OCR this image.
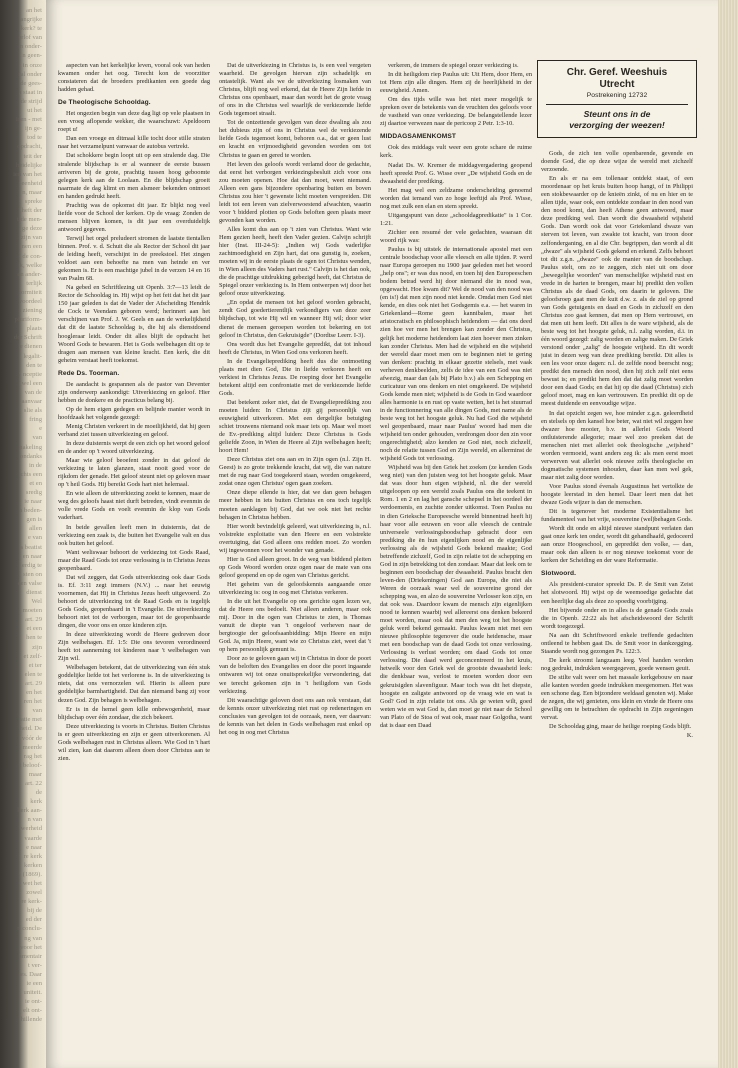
an het
langrijke
kerk? te
erlof van
n onder-
n geen-
in onze
ral onder
de gees-
a staat in
de strijd
ut het
isen - met
ijn ge-
tod te
opdracht,
teit der
heidelijke
ien van het
eenheid
n, maar
spreke
heft der
t de men-
ge deze
zijn van
nen een
de con-
k, welke
en ander-
terlijk
formiteit
voordeel
s ziening
pluriform-
plaats
der Schrift
e dienen
legalit-
den te
nceptie
wel een
van de
aanvaar
slie als
fring
e
van
nakeling
ondanks
in de
chts een
et en
sredig
ie naar
n beden-
gen is
allen
e van
s beatist
en naar
erdig te
sten on
een valse
dienst
Wel
moeten
art. 29
et een
hen te
zijn
et zelf-
et ter
elen te
art. 29
en het
ren het
van
iatie met
heid. De
vóór de
meerde
rag het
t beloof-
maar
art. 22
de
kerk
kerk aan-
n van
werheid
vaarde
e naar
re kerk
kerken
(1869).
wet het
zowel
re kerk-
bij de
ed der
n conclu-
ng van
voor het
amentair
t ver-
ws. Daar
ie een
uniteit.
ie ont-
elt ont-
hillende
Chr. Geref. Weeshuis
Utrecht
Postrekening 12732
Steunt ons in de
verzorging der weezen!

aspecten van het kerkelijke leven, vooral ook van heden kwamen onder het oog. Terecht kon de voorzitter constateren dat de broeders predikanten een goede dag hadden gehad.

De Theologische Schooldag.

Het ongezien begin van deze dag ligt op vele plaatsen in een vroeg aflopende wekker, die waarschuwt: Apeldoorn roept u!

Dan een vroege en ditmaal kille tocht door stille straten naar het verzamelpunt vanwaar de autobus vertrekt.

Dat schokkere begin loopt uit op een stralende dag. Die stralende blijdschap is er al wanneer de eerste bussen arriveren bij de grote, prachtig tussen hoog geboomte gelegen kerk aan de Loolaan. En die blijdschap groeit naarmate de dag klimt en men alsmeer bekenden ontmoet en handen gedrukt heeft.

Prachtig was de opkomst dit jaar. Er blijkt nog veel liefde voor de School der kerken. Op de vraag: Zonden de mensen blijven komen, is dit jaar een overduidelijk antwoord gegeven.

Terwijl het orgel preludeert stromen de laatste tientallen binnen. Prof. v. d. Schuit die als Rector der School dit jaar de leiding heeft, verschijnt in de preekstoel. Het zingen voldoet aan een behoefte na men van heinde en ver gekomen is. Er is een machtige jubel in de verzen 14 en 16 van Psalm 68.

Na gebed en Schriftlezing uit Openb. 3:7—13 leidt de Rector de Schooldag in. Hij wijst op het feit dat het dit jaar 150 jaar geleden is dat de Vader der Afscheiding Hendrik de Cock te Veendam geboren werd; herinnert aan het verschijnen van Prof. J. W. Geels en aan de werkelijkheid dat dit de laatste Schooldag is, die hij als dienstdoend hoogleraar leidt. Onder dit alles blijft de opdracht het Woord Gods te bewaren. Het is Gods welbehagen dit op te dragen aan mensen van kleine kracht. Een kerk, die dit geheim verstaat heeft toekomst.

Rede Ds. Toorman.

De aandacht is gespannen als de pastor van Deventer zijn onderwerp aankondigt: Uitverkiezing en geloof. Hier hebben de donkere en de practicus belang bij.

Op de hem eigen gedegen en belijnde manier wordt in hoofdzaak het volgende gezegd:

Menig Christen verkeert in de moeilijkheid, dat hij geen verband ziet tussen uitverkiezing en geloof.

In deze duisternis werpt de een zich op het woord geloof en de ander op 't woord uitverkiezing.

Maar wie geloof beoefent zonder in dat geloof de verkiezing te laten glanzen, staat nooit goed voor de rijkdom der genade. Het geloof steunt niet op geloven maar op 't heil Gods. Hij bereikt Gods hart niet helemaal.

En wie alleen de uitverkiezing zoekt te kennen, maar de weg des geloofs haast niet durft betreden, vindt evenmin de volle vrede Gods en voelt evenmin de klop van Gods vaderhart.

In beide gevallen leeft men in duisternis, dat de verkiezing een zaak is, die buiten het Evangelie valt en dus ook buiten het geloof.

Want weliswaar behoort de verkiezing tot Gods Raad, maar die Raad Gods tot onze verlossing is in Christus Jezus geopenbaard.

Dat wil zeggen, dat Gods uitverkiezing ook daar Gods is. Ef. 3:11 zegt immers (N.V.) ... naar het eeuwig voornemen, dat Hij in Christus Jezus heeft uitgevoerd. Zo behoort de uitverkiezing tot de Raad Gods en is tegelijk Gods Gods, geopenbaard in 't Evangelie. De uitverkiezing behoort niet tot de verborgen, maar tot de geopenbaarde dingen, die voor ons en onze kinderen zijn.

In deze uitverkiezing wordt de Heere gedreven door Zijn welbehagen. Ef. 1:5: Die ons tevoren verordineerd heeft tot aanneming tot kinderen naar 't welbehagen van Zijn wil.

Welbehagen betekent, dat de uitverkiezing van één stuk goddelijke liefde tot het verlorene is. In de uitverkiezing is niets, dat ons vernorzelen wil. Hierin is alleen pure goddelijke barmhartigheid. Dat dan niemand bang zij voor dezen God. Zijn behagen is welbehagen.

Er is in de hemel geen kille onbewogenheid, maar blijdschap over één zondaar, die zich bekeert.

Deze uitverkiezing is voorts in Christus. Buiten Christus is er geen uitverkiezing en zijn er geen uitverkorenen. Al Gods welbehagen rust in Christus alleen. Wie God in 't hart wil zien, kan dat daarom alleen doen door Christus aan te zien.

Dat de uitverkiezing in Christus is, is een veel vergeten waarheid. De gevolgen hiervan zijn schadelijk en ontastelijk. Want als we de uitverkiezing losmaken van Christus, blijft nog wel erkend, dat de Heere Zijn liefde in Christus ons openbaart, maar dan wordt het de grote vraag of ons in die Christus wel waarlijk de verkiezende liefde Gods tegemoet straalt.

Tot de ontzettende gevolgen van deze dwaling als zou het dubieus zijn of ons in Christus wel de verkiezende liefde Gods tegemoet komt, behoren o.a., dat er geen lust en kracht en vrijmoedigheid gevonden worden om tot Christus te gaan en gered te worden.

Het leven des geloofs wordt verlamd door de gedachte, dat eerst het verborgen verkiezingsbesluit zich voor ons zou moeten openen. Hoe dat dan moet, weet niemand. Alleen een gans bijzondere openbaring buiten en boven Christus zou hier 't gewenste licht moeten verspreiden. Dit leidt tot een leven van zielverwoestend afwachten, waarin voor 't bidderd plotten op Gods beloften geen plaats meer gevonden kan worden.

Alles komt dus aan op 't zien van Christus. Want wie Hem gezien heeft, heeft den Vader gezien. Calvijn schrijft hier (Inst. III-24-5): „Indien wij Gods vaderlijke zachtmoedigheid en Zijn hart, dat ons gunstig is, zoeken, moeten wij in de eerste plaats de ogen tot Christus wenden, in Wien alleen des Vaders hart rust." Calvijn is het dan ook, die de prachtige uitdrukking gebezigd heeft, dat Christus de Spiegel onzer verkiezing is. In Hem ontwerpen wij door het geloof onze uitverkiezing.

„En opdat de mensen tot het geloof worden gebracht, zendt God goedertierentlijk verkondigers van deze zeer blijdschap, tot wie Hij wil en wanneer Hij wil; door wier dienst de mensen geroepen worden tot bekering en tot geloof in Christus, den Gekruisigde" (Dordtse Leerr. I-3).

Ons wordt dus het Evangelie gepredikt, dat tot inhoud heeft de Christus, in Wien God ons verkoren heeft.

In de Evangelieprediking heeft dus die ontmoeting plaats met dien God, Die in liefde verkoren heeft en verkiest in Christus Jezus. De roeping door het Evangelie betekent altijd een confrontatie met de verkiezende liefde Gods.

Dat betekent zeker niet, dat de Evangelieprediking zou moeten luiden: In Christus zijt gij persoonlijk van eeuwigheid uitverkoren. Met een dergelijke betuiging schiet trouwens niemand ook maar iets op. Maar wel moet de Ev.-prediking altijd luiden: Deze Christus is Gods geliefde Zoon, in Wien de Heere al Zijn welbehagen heeft; hoort Hem!

Deze Christus ziet ons aan en in Zijn ogen (n.l. Zijn H. Geest) is zo grote trekkende kracht, dat wij, die van nature met de rug naar God toegekeerd staan, worden omgekeerd, zodat onze ogen Christus' ogen gaan zoeken.

Onze diepe ellende is hier, dat we dan geen behagen meer hebben in iets buiten Christus en ons toch tegelijk moeten aanklagen bij God, dat we ook niet het rechte behagen in Christus hebben.

Hier wordt bevindelijk geleerd, wat uitverkiezing is, n.l. volstrekte exploitatie van den Heere en een volstrekte overtuiging, dat God alleen ons redden moet. Zo worden wij ingewonnen voor het wonder van genade.

Hier is God alleen groot. In de weg van biddend pleiten op Gods Woord worden onze ogen naar de mate van ons geloof geopend en op de ogen van Christus gericht.

Het geheim van de geloofskennis aangaande onze uitverkiezing is: oog in oog met Christus verkeren.

In die uit het Evangelie op ons gerichte ogen lezen we, dat de Heere ons bedoelt. Niet alleen anderen, maar ook mij. Door in die ogen van Christus te zien, is Thomas vanuit de diepte van 't ongeloof verheven naar de bergtoogte der geloofsaanbidding: Mijn Heere en mijn God. Ja, mijn Heere, want wie zo Christus ziet, weet dat 't op hem persoonlijk gemunt is.

Door zo te geloven gaan wij in Christus in door de poort van de beloften des Evangelies en door die poort ingaande ontwaren wij tot onze onuitsprekelijke verwondering, dat we terecht gekomen zijn in 't heiligdom van Gods verkiezing.

Dit waarachtige geloven doet ons aan ook verstaan, dat de kennis onzer uitverkiezing niet rust op redeneringen en conclusies van gevolgen tot de oorzaak, neen, ver daarvan: de kennis van het delen in Gods welbehagen rust enkel op het oog in oog met Christus

verkeren, de immers de spiegel onzer verkiezing is.

In dit heiligdom riep Paulus uit: Uit Hem, door Hem, en tot Hem zijn alle dingen. Hem zij de heerlijkheid in der eeuwigheid. Amen.

Om des tijds wille was het niet meer mogelijk te spreken over de betekenis van de vruchten des geloofs voor de vastheid van onze verkiezing. De belangstellende lezer zij daartoe verwezen naar de pericoop 2 Petr. 1:3-10.

MIDDAGSAMENKOMST

Ook des middags vult weer een grote schare de ruime kerk.

Nadat Ds. W. Kremer de middagvergadering geopend heeft spreekt Prof. G. Wisse over „De wijsheid Gods en de dwaasheid der prediking.

Het mag wel een zeldzame onderscheiding genoemd worden dat iemand van zo hoge leeftijd als Prof. Wisse, nog met zulk een elan en stem spreekt.

Uitgangspunt van deze „schooldagpredikatie" is 1 Cor. 1:21.

Zichier een resumé der vele gedachten, waaraan dit woord rijk was:

Paulus is bij uitstek de internationale apostel met een centrale boodschap voor alle vleesch en alle tijden. P. werd naar Europa geroepen nu 1900 jaar geleden met het woord „help ons"; er was dus nood, en toen hij den Europeeschen bodem betrad werd hij door niemand die in nood was, opgewacht. Hoe kwam dit? Wel de nood van den nood was (en is!) dat men zijn nood niet kende. Omdat men God niet kende, en dies ook niet het Godsgemis e.a. — het waren in Griekenland—Rome geen kannibalen, maar het aristocratisch en philosophisch heidendom — dat ons deed zien hoe ver men het brengen kan zonder den Christus, gelijk het moderne heidendom laat zien hoever men zinken kan zonder Christus. Men had de wijsheid en die wijsheid der wereld daar moet men om te beginnen niet te gering van denken: prachtig in elkaar gezette stelsels, met vaak verheven denkbeelden, zelfs de idee van een God was niet afwezig, maar dan (als bij Plato b.v.) als een Schepping en curicatuur van ons denken en niet omgekeerd. De wijsheid Gods kende men niet; wijsheid is de Gods in God waardoor alles harmonie is en rust op vaste wetten, het is het stuurrad in de functionnering van alle dingen Gods, met name als de beste weg tot het hoogste geluk. Nu had God die wijsheid wel geopenbaard, maar naar Paulus' woord had men die wijsheid ten onder gehouden, verdrongen door den zin voor ongerechtigheid; alzo kenden ze God niet, noch zichzelf, noch de relatie tussen God en Zijn wereld, en allerminst de wijsheid Gods tot verlossing.

Wijsheid was bij den Griek het zoeken (ze kenden Gods weg niet) van den juisten weg tot het hoogste geluk. Maar dat was door hun eigen wijsheid, nl. die der wereld uitgeloopen op een wereld zoals Paulus ons die teekent in Rom. 1 en 2 en lag het gansche schepsel in het oordeel der verdoemenis, en zuchtte zonder uitkomst. Toen Paulus nu in dien Grieksche Europeesche wereld binnentrad heeft hij haar voor alle eeuwen en voor alle vleesch de centrale universeele verlossingsboodschap gebracht door een prediking die ën hun eigenlijken nood en de eigenlijke verlossing als de wijsheid Gods bekend maakte; God betreffende zichzelf, God in zijn relatie tot de schepping en God in zijn betrekking tot den zondaar. Maar dat leek om te beginnen een boodschap der dwaasheid. Paulus bracht den leven-den (Driekeningen) God aan Europa, die niet als Weren de oorzaak waar wel de souvereine grond der schepping was, en alzo de souvereine Verlosser kon zijn, en dat ook was. Daardoor kwam de mensch zijn eigenlijken nood te kennen waarbij wel allereerst ons denken bekeerd moet worden, maar ook dat men den weg tot het hoogste geluk werd bekend gemaakt. Paulus kwam niet met een nieuwe philosophie tegenover die oude heidensche, maar met een boodschap van de daad Gods tot onze verlossing. Verlossing is verlust worden; om daad Gods tot onze verlossing. Die daad werd geconcentreerd in het kruis, hetwelk voor den Griek wel de grootste dwaasheid leek: die denkbaar was, verlost te moeten worden door een gekruisigden slavenfiguur. Maar toch was dit het diepste, hoogste en zaligste antwoord op de vraag wie en wat is God? God in zijn relatie tot ons. Als ge weten wilt, goed weten wie en wat God is, dan moet ge niet naar de School van Plato of de Stoa of wat ook, maar naar Golgotha, want dat is daar een Daad

Gods, de zich ten volle openbarende, gevende en doende God, die op deze wijze de wereld met zichzelf verzoende.

En als er na een tollenaar ontdekt staat, of een moordenaar op het kruis buiten hoop hangt, of in Philippi een stokbewaarder op de knieën zinkt, of nu en hier en te allen tijde, waar ook, een ontdekte zondaar in den nood van den nood komt, dan heeft Athene geen antwoord, maar deze prediking wel. Dan wordt die dwaasheid wijsheid Gods. Dan wordt ook dat voor Griekenland dwaze van sterven tot leven, van zwakte tot kracht, van troon door zelfonderganing, en al die Chr. begrippen, dan wordt al dit „dwaze" als wijsheid Gods gekend en erkend. Zelfs behoort tot dit z.g.n. „dwaze" ook de manier van de boodschap. Paulus stelt, om zo te zeggen, zich niet uit om door „bewegelijke woorden" van menschelijke wijsheid rust en vrede in de harten te brengen, maar hij predikt den vollen Christus als de daad Gods, om daarin te geloven. Die geloofsroep gaat men de kuit d.w. z. als de ziel op grond van Gods getuigenis en daad en Gods in zichzelf en den Christus zoo gaat kennen, dat men op Hem vertrouwt, en dat men uit hem leeft. Dit alles is de ware wijsheid, als de beste weg tot het hoogste geluk, n.l. zalig worden, d.i. in één woord gezegd: zalig worden en zalige maken. De Griek verstond onder „zalig" de hoogste vrijheid. En dit wordt juist in dezen weg van deze prediking bereikt. Dit alles is een les voor onze dagen: n.l. de zelfde nood beerscht nog; predikt den mensch den nood, dien hij zich zelf niet eens bewust is; en predikt hem den dat dat zalig moet worden door een daad Gods; en dat hij op die daad (Christus) zich geloof moet, mag en kan vertrouwen. En predikt dit op de meest duidende en eenvoudige wijze.

In dat opzicht zegen we, hoe minder z.g.n. geleerdheid en stelsels op den kansel hoe beter, wat niet wil zeggen hoe dwazer hoe mooier, b.v. in allerlei Gods Woord ontluisterende allegorie; maar wel zoo preeken dat de menschen niet met allerlei ook theologische „wijsheid" worden vermoeid, want anders zeg ik: als men eerst moet verwerven wat allerlei ook nieuwe zelfs theologische en dogmatische systemen inhouden, daar kan men wel gek, maar niet zalig door worden.

Voor Paulus stond évenals Augustinus het vertolkte de hoogste leerstad in den hemel. Daar leert men dat het dwaze Gods wijzer is dan de menschen.

Dit is tegenover het moderne Existentialisme het fundamenteel van het vrije, souvereine (wel)behagen Gods.

Wordt dit onde en altijd nieuwe standpunt verlaten dan gaat onze kerk ten onder, wordt dit gehandhaafd, gedoceerd aan onze Hoogeschool, en gepredikt den volke, — dan, maar ook dan alleen is er nog nieuwe toekomst voor de kerken der Scheiding en der ware Reformatie.

Slotwoord.

Als president-curator spreekt Ds. P. de Smit van Zeist het slotwoord. Hij wijst op de weemoedige gedachte dat een heerlijke dag als deze zo spoedig voorbijging.

Het bijvende onder en in alles is de genade Gods zoals die in Openb. 22:22 als het afscheidswoord der Schrift wordt toegezegd.

Na aan dit Schriftwoord enkele treffende gedachten ontleend te hebben gaat Ds. de Smit voor in dankzegging. Staande wordt nog gezongen Ps. 122:3.

De kerk stroomt langzaam leeg. Veel handen worden nog gedrukt, indrukken weergegeven, goede wensen geuit.

De stilte valt weer om het massale kerkgebouw en naar alle kanten worden goede indrukken meegenomen. Het was een schone dag. Een bijzondere weldaad genoten wij. Make de zegen, die wij genieten, ons klein en vinde de Heere ons gewillig om te betrachten de opdracht in Zijn zegeningen vervat.

De Schooldag ging, maar de heilige roeping Gods blijft.

K.
